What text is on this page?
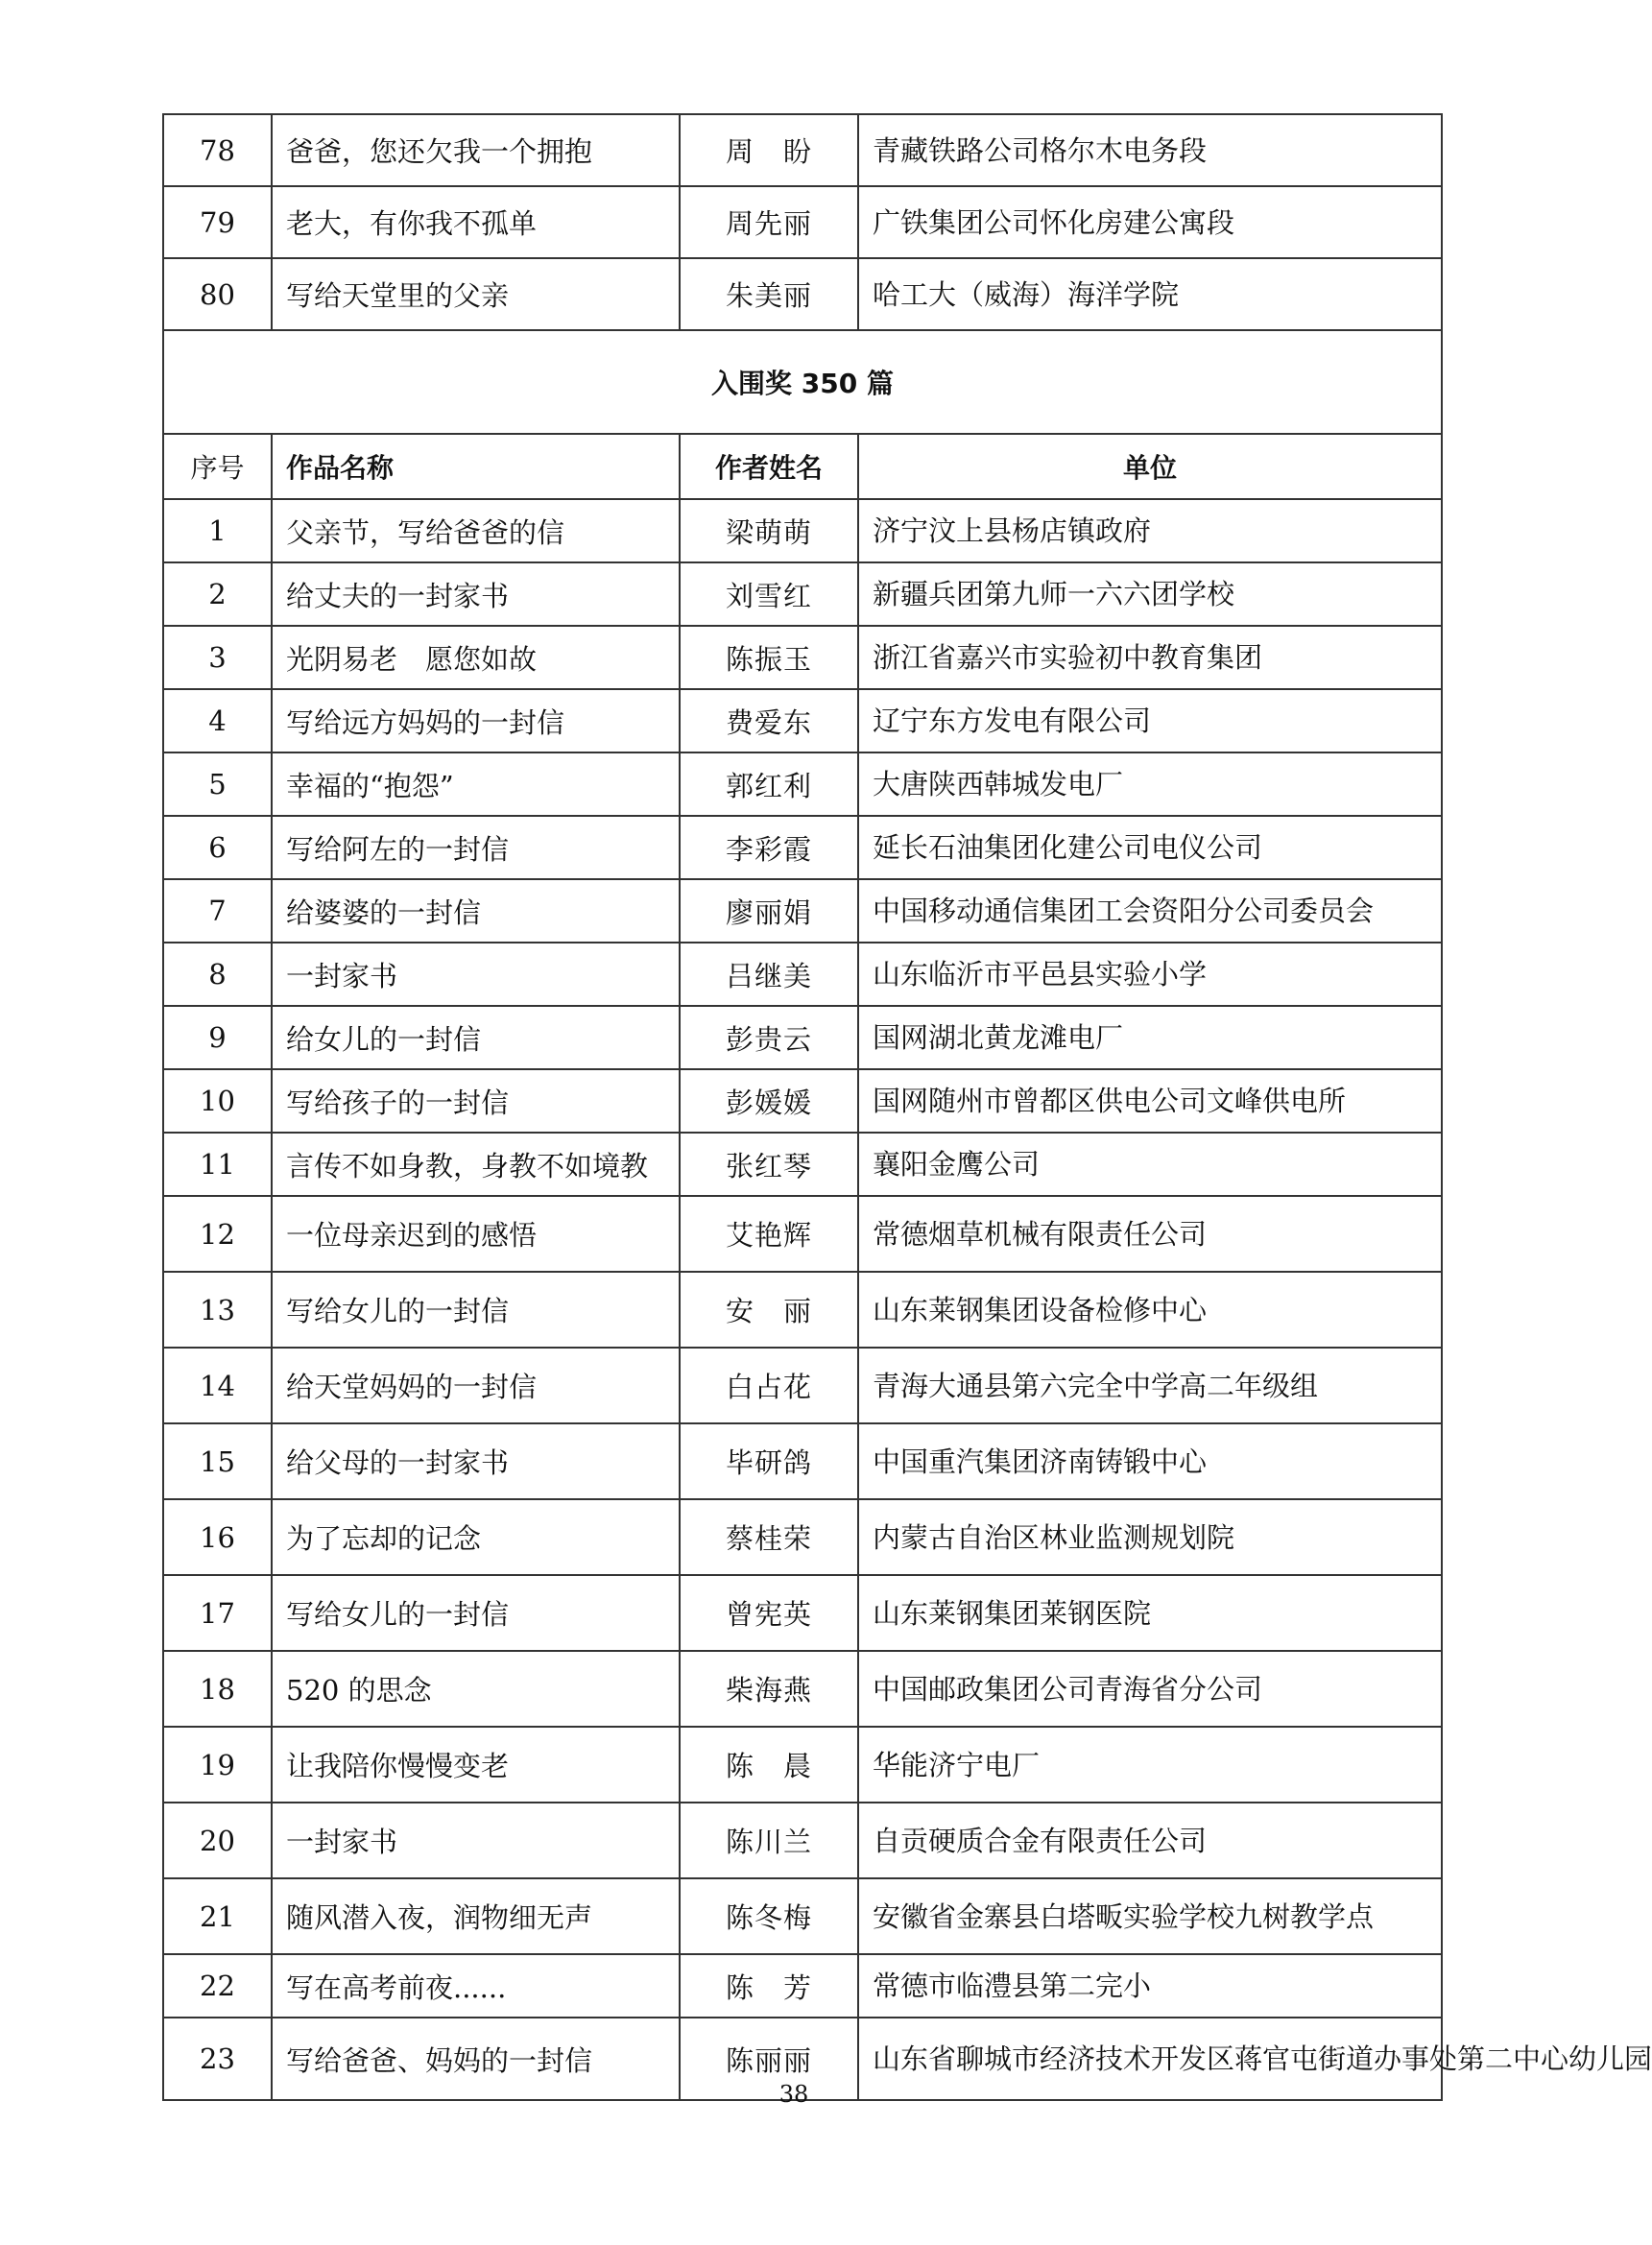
78	爸爸，您还欠我一个拥抱	周　盼	青藏铁路公司格尔木电务段
79	老大，有你我不孤单	周先丽	广铁集团公司怀化房建公寓段
80	写给天堂里的父亲	朱美丽	哈工大（威海）海洋学院
入围奖 350 篇			
序号	作品名称	作者姓名	单位
1	父亲节，写给爸爸的信	梁萌萌	济宁汶上县杨店镇政府
2	给丈夫的一封家书	刘雪红	新疆兵团第九师一六六团学校
3	光阴易老　愿您如故	陈振玉	浙江省嘉兴市实验初中教育集团
4	写给远方妈妈的一封信	费爱东	辽宁东方发电有限公司
5	幸福的“抱怨”	郭红利	大唐陕西韩城发电厂
6	写给阿左的一封信	李彩霞	延长石油集团化建公司电仪公司
7	给婆婆的一封信	廖丽娟	中国移动通信集团工会资阳分公司委员会
8	一封家书	吕继美	山东临沂市平邑县实验小学
9	给女儿的一封信	彭贵云	国网湖北黄龙滩电厂
10	写给孩子的一封信	彭媛媛	国网随州市曾都区供电公司文峰供电所
11	言传不如身教，身教不如境教	张红琴	襄阳金鹰公司
12	一位母亲迟到的感悟	艾艳辉	常德烟草机械有限责任公司
13	写给女儿的一封信	安　丽	山东莱钢集团设备检修中心
14	给天堂妈妈的一封信	白占花	青海大通县第六完全中学高二年级组
15	给父母的一封家书	毕研鸽	中国重汽集团济南铸锻中心
16	为了忘却的记念	蔡桂荣	内蒙古自治区林业监测规划院
17	写给女儿的一封信	曾宪英	山东莱钢集团莱钢医院
18	520 的思念	柴海燕	中国邮政集团公司青海省分公司
19	让我陪你慢慢变老	陈　晨	华能济宁电厂
20	一封家书	陈川兰	自贡硬质合金有限责任公司
21	随风潜入夜，润物细无声	陈冬梅	安徽省金寨县白塔畈实验学校九树教学点
22	写在高考前夜......	陈　芳	常德市临澧县第二完小
23	写给爸爸、妈妈的一封信	陈丽丽	山东省聊城市经济技术开发区蒋官屯街道办事处第二中心幼儿园
38
